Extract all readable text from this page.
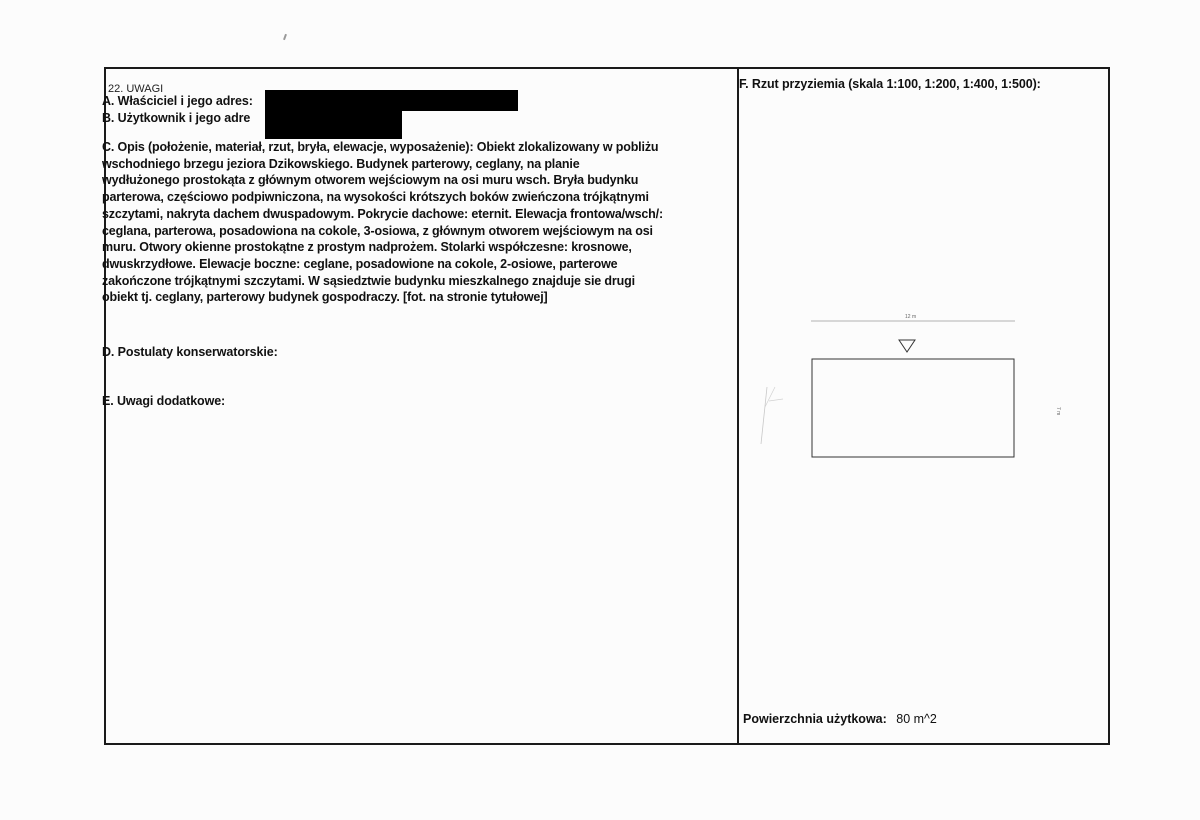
22. UWAGI
A. Właściciel i jego adres:
B. Użytkownik i jego adre
C. Opis (położenie, materiał, rzut, bryła, elewacje, wyposażenie): Obiekt zlokalizowany w pobliżu
wschodniego brzegu jeziora Dzikowskiego. Budynek parterowy, ceglany, na planie
wydłużonego prostokąta z głównym otworem wejściowym na osi muru wsch. Bryła budynku
parterowa, częściowo podpiwniczona, na wysokości krótszych boków zwieńczona trójkątnymi
szczytami, nakryta dachem dwuspadowym. Pokrycie dachowe: eternit. Elewacja frontowa/wsch/:
ceglana, parterowa, posadowiona na cokole, 3-osiowa, z głównym otworem wejściowym na osi
muru. Otwory okienne prostokątne z prostym nadprożem. Stolarki współczesne: krosnowe,
dwuskrzydłowe. Elewacje boczne: ceglane, posadowione na cokole, 2-osiowe, parterowe
zakończone trójkątnymi szczytami. W sąsiedztwie budynku mieszkalnego znajduje sie drugi
obiekt tj. ceglany, parterowy budynek gospodraczy. [fot. na stronie tytułowej]
D. Postulaty konserwatorskie:
E. Uwagi dodatkowe:
F. Rzut przyziemia (skala 1:100, 1:200, 1:400, 1:500):
12 m
7 m
Powierzchnia użytkowa: 80 m^2
